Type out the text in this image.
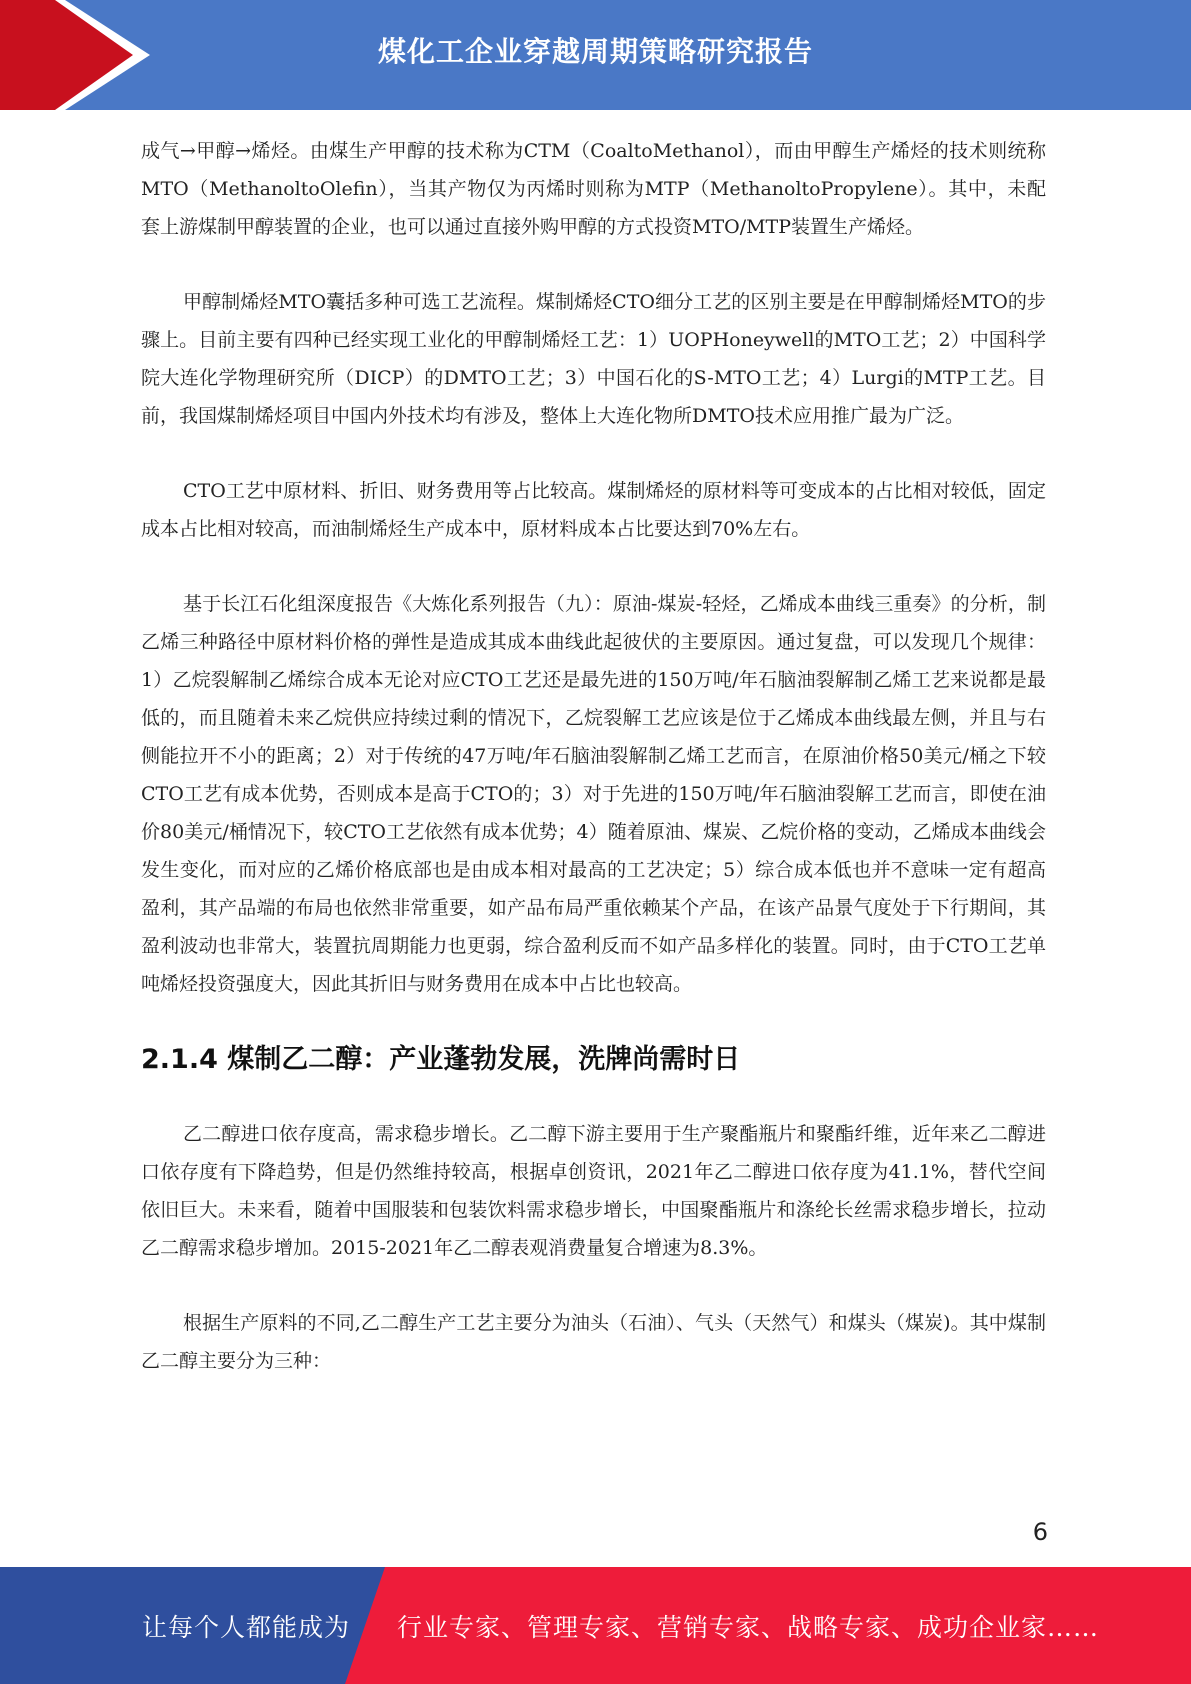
煤化工企业穿越周期策略研究报告

成气→甲醇→烯烃。由煤生产甲醇的技术称为CTM（CoaltoMethanol），而由甲醇生产烯烃的技术则统称MTO（MethanoltoOlefin），当其产物仅为丙烯时则称为MTP（MethanoltoPropylene）。其中，未配套上游煤制甲醇装置的企业，也可以通过直接外购甲醇的方式投资MTO/MTP装置生产烯烃。

甲醇制烯烃MTO囊括多种可选工艺流程。煤制烯烃CTO细分工艺的区别主要是在甲醇制烯烃MTO的步骤上。目前主要有四种已经实现工业化的甲醇制烯烃工艺：1）UOPHoneywell的MTO工艺；2）中国科学院大连化学物理研究所（DICP）的DMTO工艺；3）中国石化的S-MTO工艺；4）Lurgi的MTP工艺。目前，我国煤制烯烃项目中国内外技术均有涉及，整体上大连化物所DMTO技术应用推广最为广泛。

CTO工艺中原材料、折旧、财务费用等占比较高。煤制烯烃的原材料等可变成本的占比相对较低，固定成本占比相对较高，而油制烯烃生产成本中，原材料成本占比要达到70%左右。

基于长江石化组深度报告《大炼化系列报告（九）：原油-煤炭-轻烃，乙烯成本曲线三重奏》的分析，制乙烯三种路径中原材料价格的弹性是造成其成本曲线此起彼伏的主要原因。通过复盘，可以发现几个规律：1）乙烷裂解制乙烯综合成本无论对应CTO工艺还是最先进的150万吨/年石脑油裂解制乙烯工艺来说都是最低的，而且随着未来乙烷供应持续过剩的情况下，乙烷裂解工艺应该是位于乙烯成本曲线最左侧，并且与右侧能拉开不小的距离；2）对于传统的47万吨/年石脑油裂解制乙烯工艺而言，在原油价格50美元/桶之下较CTO工艺有成本优势，否则成本是高于CTO的；3）对于先进的150万吨/年石脑油裂解工艺而言，即使在油价80美元/桶情况下，较CTO工艺依然有成本优势；4）随着原油、煤炭、乙烷价格的变动，乙烯成本曲线会发生变化，而对应的乙烯价格底部也是由成本相对最高的工艺决定；5）综合成本低也并不意味一定有超高盈利，其产品端的布局也依然非常重要，如产品布局严重依赖某个产品，在该产品景气度处于下行期间，其盈利波动也非常大，装置抗周期能力也更弱，综合盈利反而不如产品多样化的装置。同时，由于CTO工艺单吨烯烃投资强度大，因此其折旧与财务费用在成本中占比也较高。

2.1.4 煤制乙二醇：产业蓬勃发展，洗牌尚需时日

乙二醇进口依存度高，需求稳步增长。乙二醇下游主要用于生产聚酯瓶片和聚酯纤维，近年来乙二醇进口依存度有下降趋势，但是仍然维持较高，根据卓创资讯，2021年乙二醇进口依存度为41.1%，替代空间依旧巨大。未来看，随着中国服装和包装饮料需求稳步增长，中国聚酯瓶片和涤纶长丝需求稳步增长，拉动乙二醇需求稳步增加。2015-2021年乙二醇表观消费量复合增速为8.3%。

根据生产原料的不同,乙二醇生产工艺主要分为油头（石油）、气头（天然气）和煤头（煤炭)。其中煤制乙二醇主要分为三种：

6
让每个人都能成为 行业专家、管理专家、营销专家、战略专家、成功企业家……
